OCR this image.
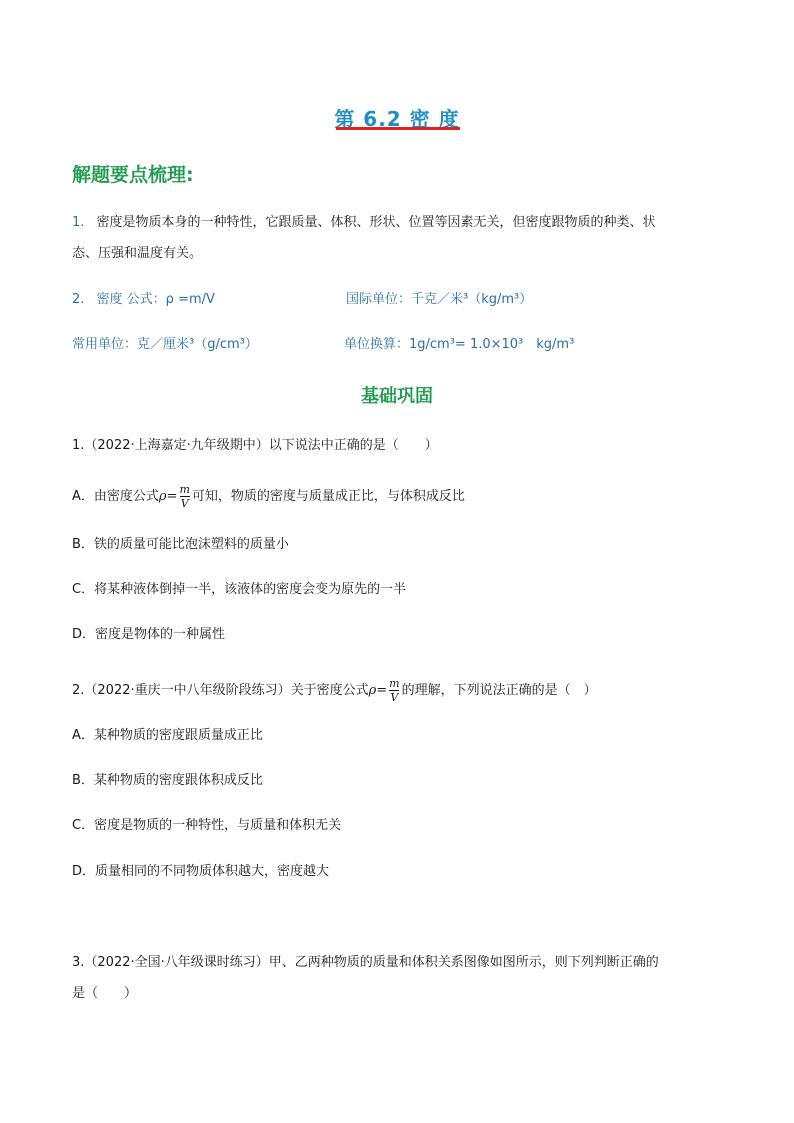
第 6.2 密 度
解题要点梳理:
1. 密度是物质本身的一种特性，它跟质量、体积、形状、位置等因素无关，但密度跟物质的种类、状
态、压强和温度有关。
2. 密度 公式：ρ =m/V	国际单位：千克／米³（kg/m³）
常用单位：克／厘米³（g/cm³）	单位换算：1g/cm³= 1.0×10³　kg/m³
基础巩固
1.（2022·上海嘉定·九年级期中）以下说法中正确的是（　　）
A．由密度公式$\rho= \frac{m}{V}$ 可知，物质的密度与质量成正比，与体积成反比
B．铁的质量可能比泡沫塑料的质量小
C．将某种液体倒掉一半，该液体的密度会变为原先的一半
D．密度是物体的一种属性
2.（2022·重庆一中八年级阶段练习）关于密度公式$\rho= \frac{m}{V}$ 的理解，下列说法正确的是（　）
A．某种物质的密度跟质量成正比
B．某种物质的密度跟体积成反比
C．密度是物质的一种特性，与质量和体积无关
D．质量相同的不同物质体积越大，密度越大
3.（2022·全国·八年级课时练习）甲、乙两种物质的质量和体积关系图像如图所示，则下列判断正确的
是（　　）
